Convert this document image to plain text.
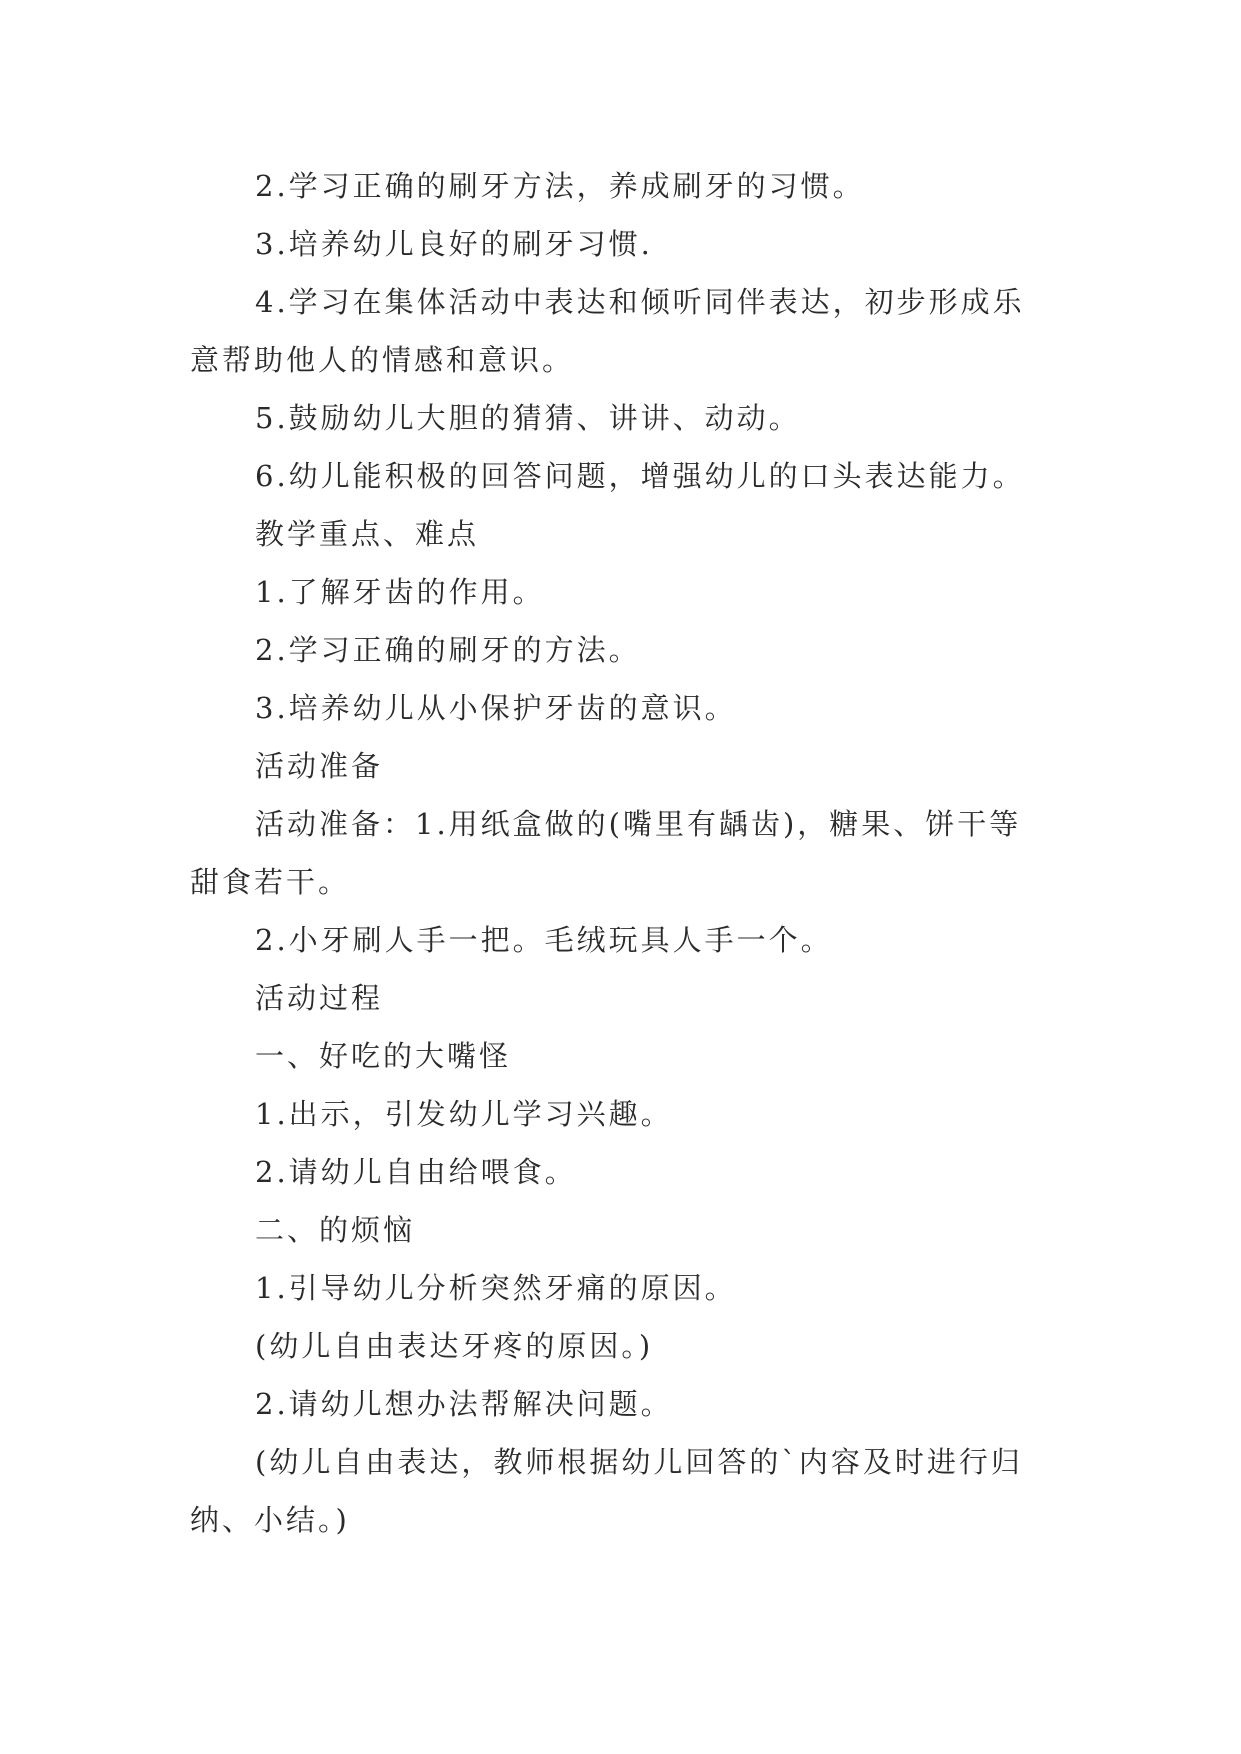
2.学习正确的刷牙方法，养成刷牙的习惯。

3.培养幼儿良好的刷牙习惯.

4.学习在集体活动中表达和倾听同伴表达，初步形成乐

意帮助他人的情感和意识。

5.鼓励幼儿大胆的猜猜、讲讲、动动。

6.幼儿能积极的回答问题，增强幼儿的口头表达能力。

教学重点、难点

1.了解牙齿的作用。

2.学习正确的刷牙的方法。

3.培养幼儿从小保护牙齿的意识。

活动准备

活动准备：1.用纸盒做的(嘴里有龋齿)，糖果、饼干等

甜食若干。

2.小牙刷人手一把。毛绒玩具人手一个。

活动过程

一、好吃的大嘴怪

1.出示，引发幼儿学习兴趣。

2.请幼儿自由给喂食。

二、的烦恼

1.引导幼儿分析突然牙痛的原因。

(幼儿自由表达牙疼的原因。)

2.请幼儿想办法帮解决问题。

(幼儿自由表达，教师根据幼儿回答的`内容及时进行归

纳、小结。)
